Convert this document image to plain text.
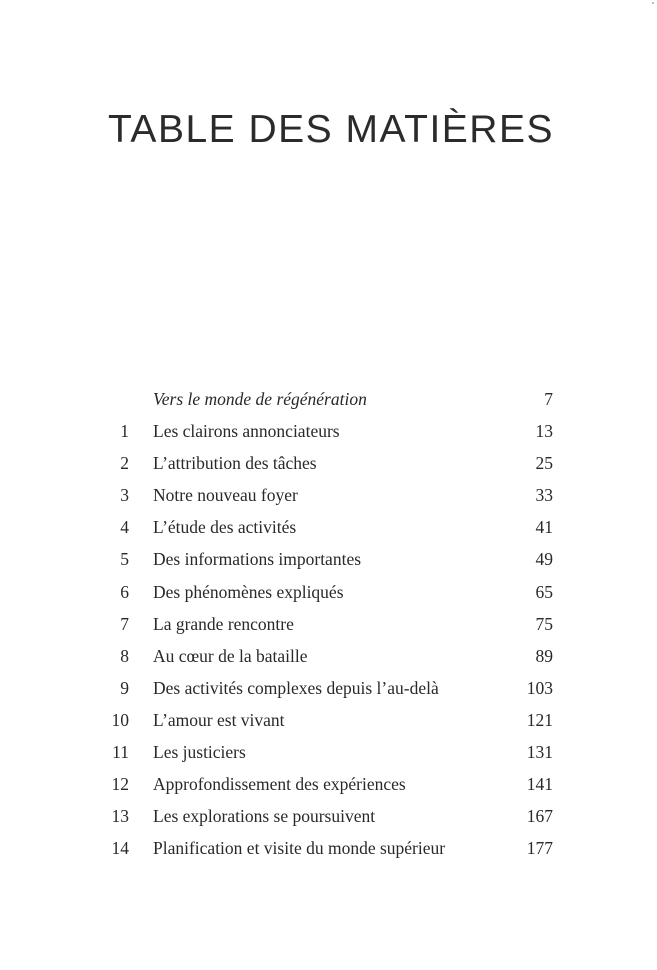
TABLE DES MATIÈRES
Vers le monde de régénération	7
1 Les clairons annonciateurs	13
2 L’attribution des tâches	25
3 Notre nouveau foyer	33
4 L’étude des activités	41
5 Des informations importantes	49
6 Des phénomènes expliqués	65
7 La grande rencontre	75
8 Au cœur de la bataille	89
9 Des activités complexes depuis l’au-delà	103
10 L’amour est vivant	121
11 Les justiciers	131
12 Approfondissement des expériences	141
13 Les explorations se poursuivent	167
14 Planification et visite du monde supérieur	177
